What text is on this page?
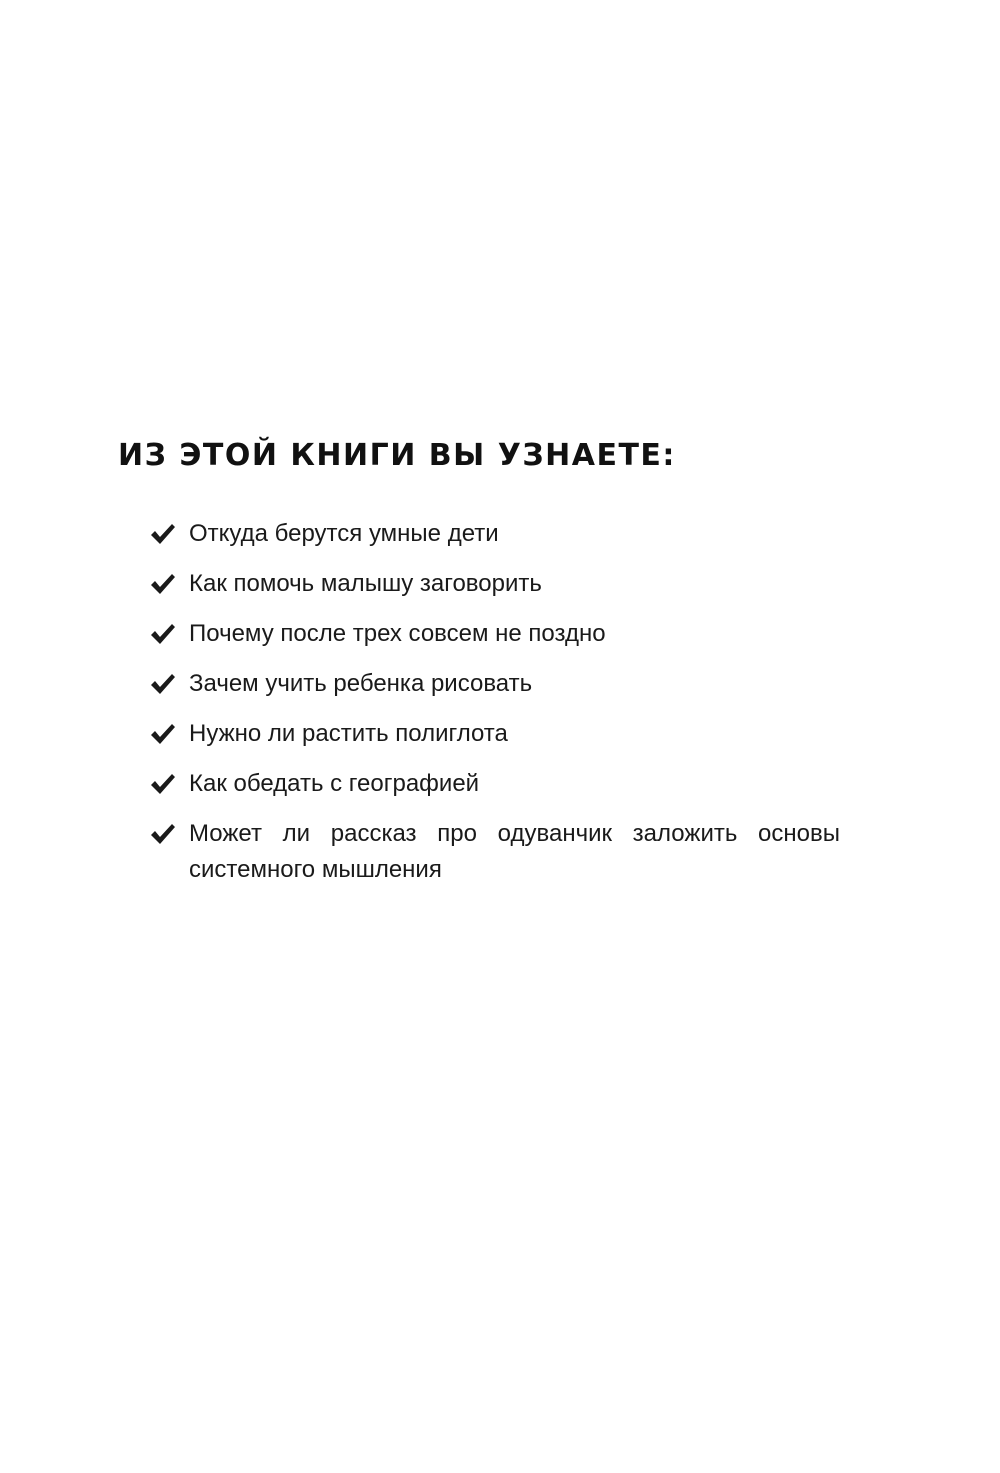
ИЗ ЭТОЙ КНИГИ ВЫ УЗНАЕТЕ:
Откуда берутся умные дети
Как помочь малышу заговорить
Почему после трех совсем не поздно
Зачем учить ребенка рисовать
Нужно ли растить полиглота
Как обедать с географией
Может ли рассказ про одуванчик заложить основы системного мышления
